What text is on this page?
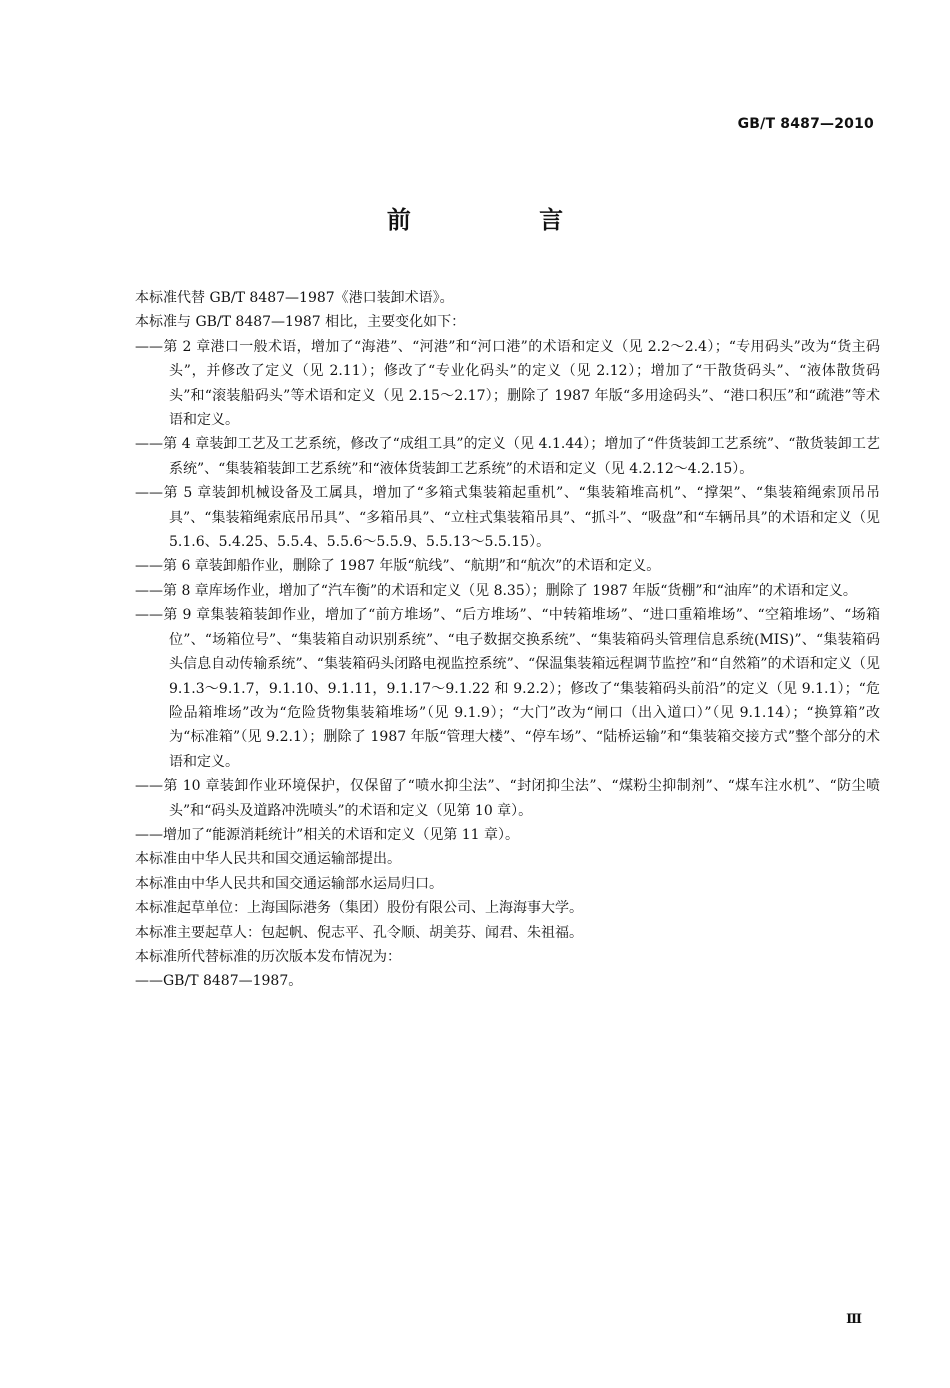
GB/T 8487—2010
前 言

本标准代替 GB/T 8487—1987《港口装卸术语》。

本标准与 GB/T 8487—1987 相比，主要变化如下：

——第 2 章港口一般术语，增加了“海港”、“河港”和“河口港”的术语和定义（见 2.2～2.4）；“专用码头”改为“货主码头”，并修改了定义（见 2.11）；修改了“专业化码头”的定义（见 2.12）；增加了“干散货码头”、“液体散货码头”和“滚装船码头”等术语和定义（见 2.15～2.17）；删除了 1987 年版“多用途码头”、“港口积压”和“疏港”等术语和定义。

——第 4 章装卸工艺及工艺系统，修改了“成组工具”的定义（见 4.1.44）；增加了“件货装卸工艺系统”、“散货装卸工艺系统”、“集装箱装卸工艺系统”和“液体货装卸工艺系统”的术语和定义（见 4.2.12～4.2.15）。

——第 5 章装卸机械设备及工属具，增加了“多箱式集装箱起重机”、“集装箱堆高机”、“撑架”、“集装箱绳索顶吊吊具”、“集装箱绳索底吊吊具”、“多箱吊具”、“立柱式集装箱吊具”、“抓斗”、“吸盘”和“车辆吊具”的术语和定义（见 5.1.6、5.4.25、5.5.4、5.5.6～5.5.9、5.5.13～5.5.15）。

——第 6 章装卸船作业，删除了 1987 年版“航线”、“航期”和“航次”的术语和定义。

——第 8 章库场作业，增加了“汽车衡”的术语和定义（见 8.35）；删除了 1987 年版“货棚”和“油库”的术语和定义。

——第 9 章集装箱装卸作业，增加了“前方堆场”、“后方堆场”、“中转箱堆场”、“进口重箱堆场”、“空箱堆场”、“场箱位”、“场箱位号”、“集装箱自动识别系统”、“电子数据交换系统”、“集装箱码头管理信息系统(MIS)”、“集装箱码头信息自动传输系统”、“集装箱码头闭路电视监控系统”、“保温集装箱远程调节监控”和“自然箱”的术语和定义（见 9.1.3～9.1.7，9.1.10、9.1.11，9.1.17～9.1.22 和 9.2.2）；修改了“集装箱码头前沿”的定义（见 9.1.1）；“危险品箱堆场”改为“危险货物集装箱堆场”（见 9.1.9）；“大门”改为“闸口（出入道口）”（见 9.1.14）；“换算箱”改为“标准箱”（见 9.2.1）；删除了 1987 年版“管理大楼”、“停车场”、“陆桥运输”和“集装箱交接方式”整个部分的术语和定义。

——第 10 章装卸作业环境保护，仅保留了“喷水抑尘法”、“封闭抑尘法”、“煤粉尘抑制剂”、“煤车注水机”、“防尘喷头”和“码头及道路冲洗喷头”的术语和定义（见第 10 章）。

——增加了“能源消耗统计”相关的术语和定义（见第 11 章）。

本标准由中华人民共和国交通运输部提出。

本标准由中华人民共和国交通运输部水运局归口。

本标准起草单位：上海国际港务（集团）股份有限公司、上海海事大学。

本标准主要起草人：包起帆、倪志平、孔令顺、胡美芬、闻君、朱祖福。

本标准所代替标准的历次版本发布情况为：

——GB/T 8487—1987。

Ⅲ
